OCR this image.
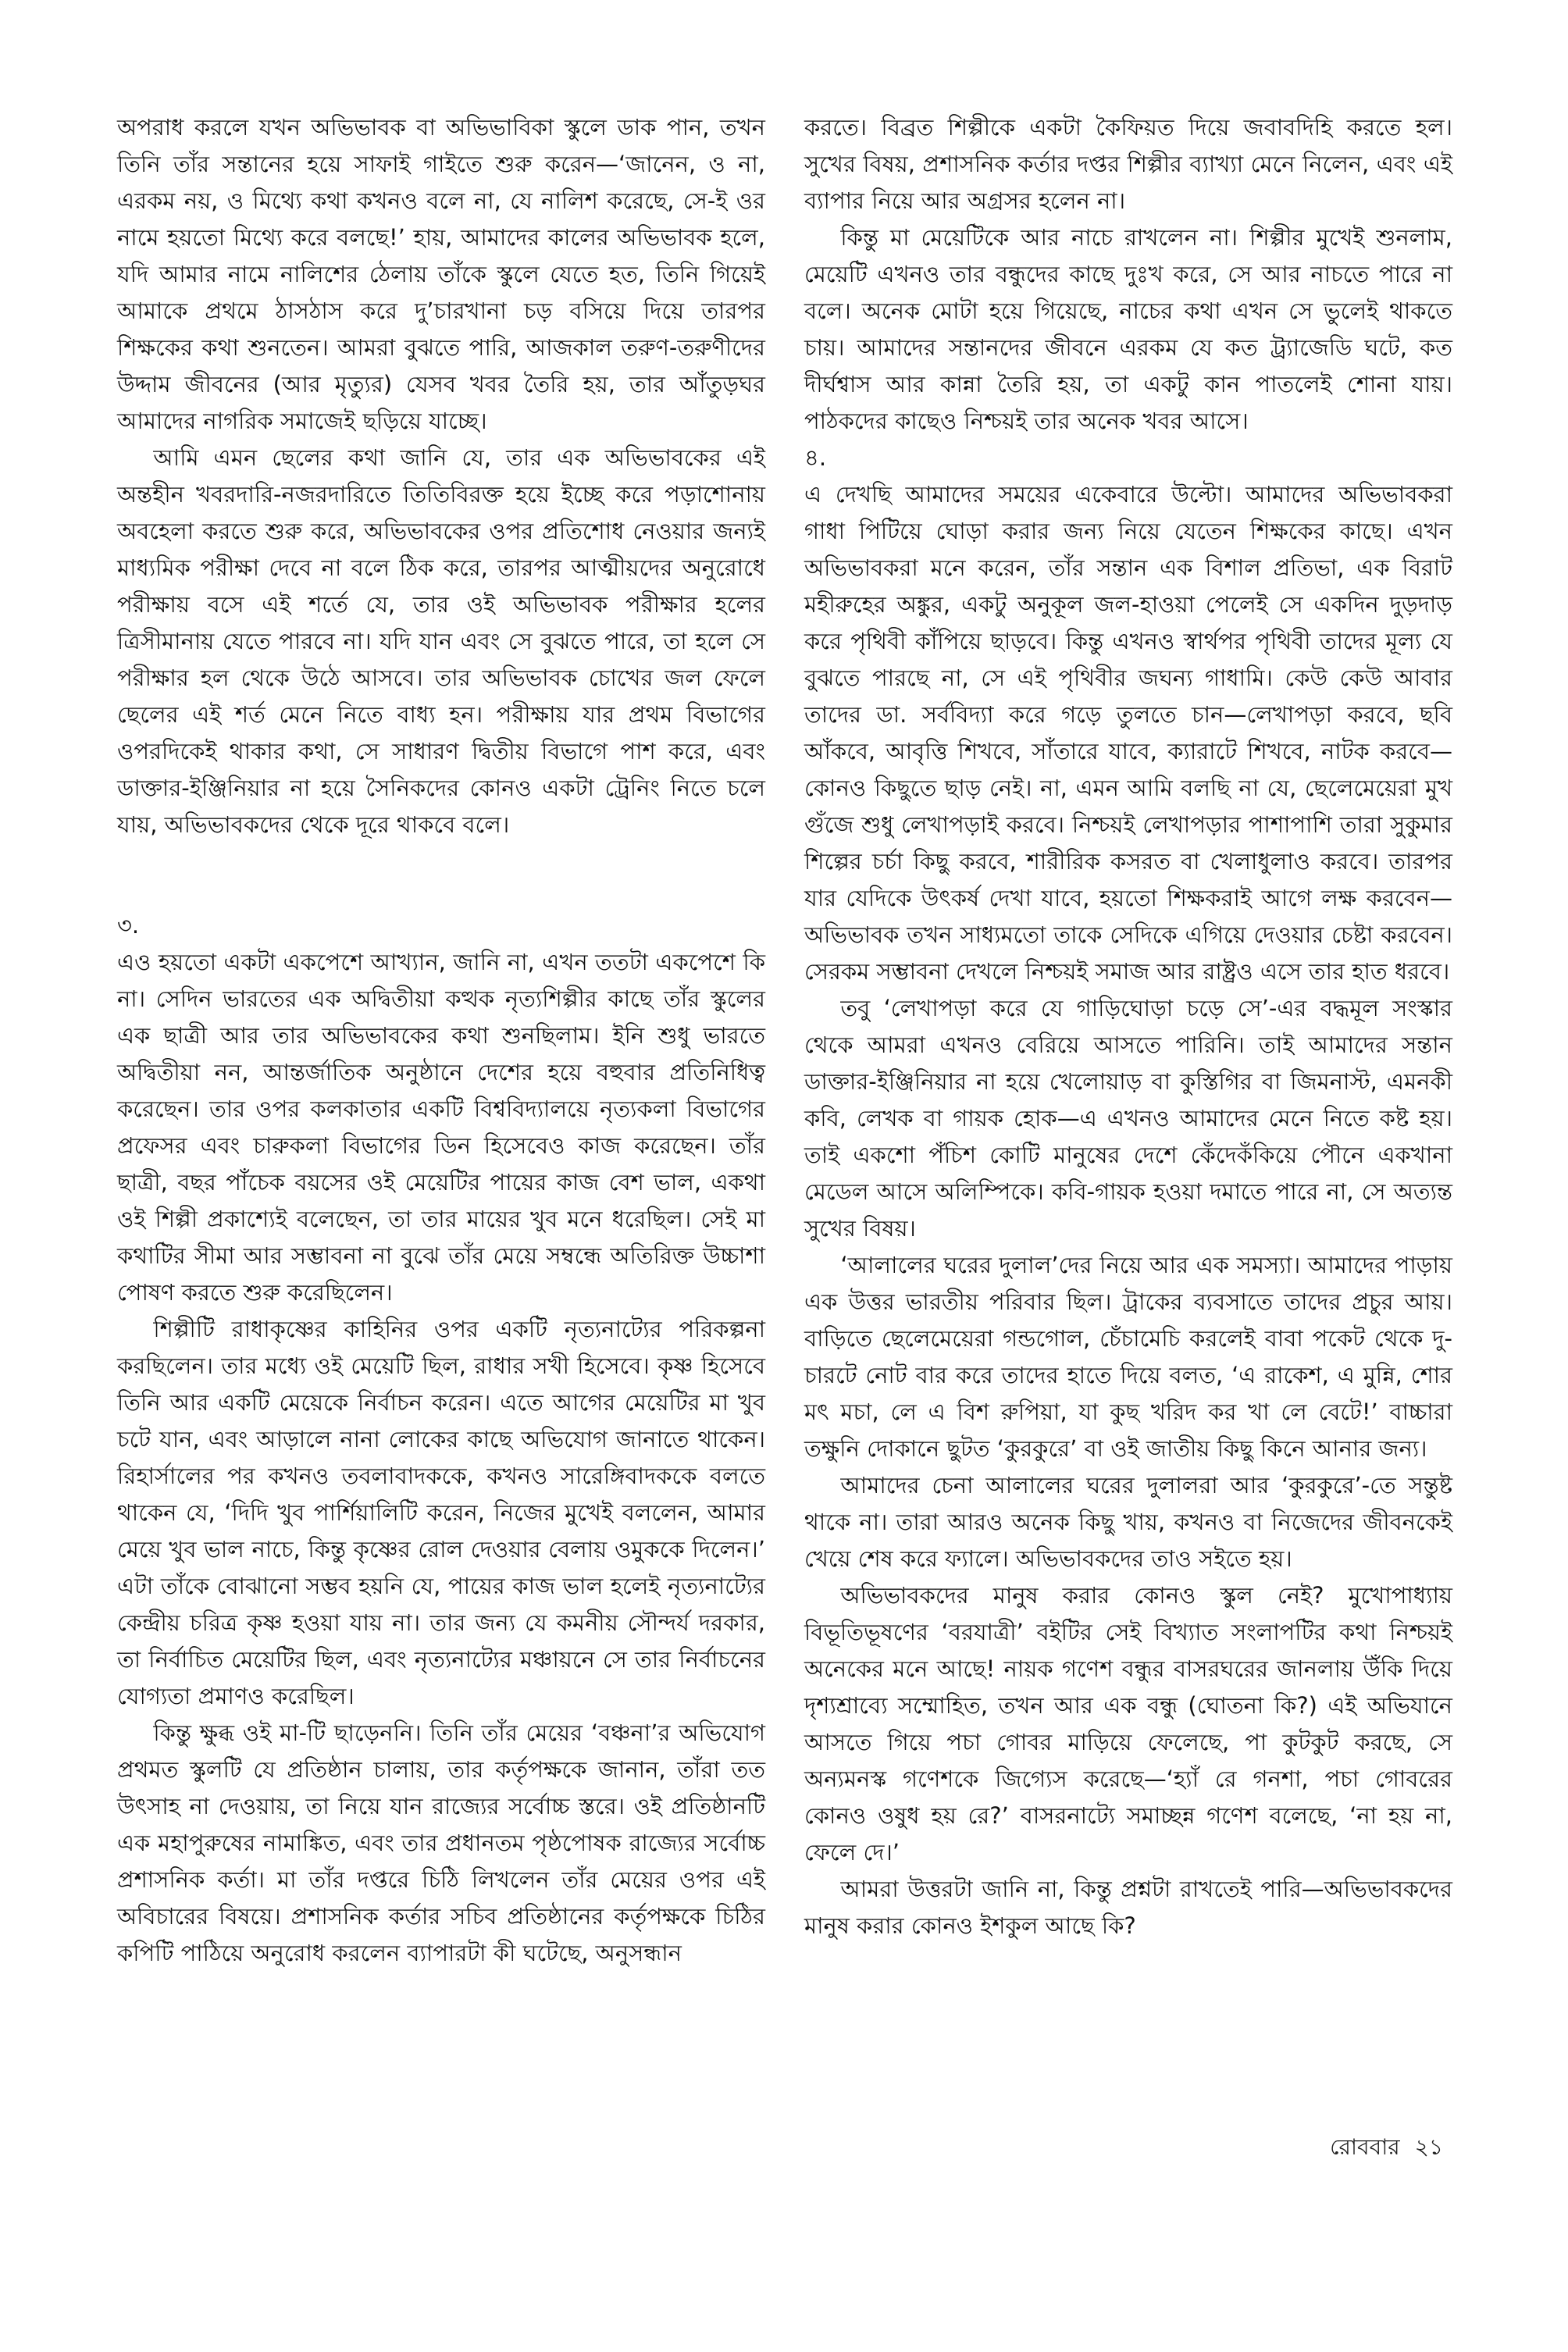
অপরাধ করলে যখন অভিভাবক বা অভিভাবিকা স্কুলে ডাক পান, তখন তিনি তাঁর সন্তানের হয়ে সাফাই গাইতে শুরু করেন—‘জানেন, ও না, এরকম নয়, ও মিথ্যে কথা কখনও বলে না, যে নালিশ করেছে, সে-ই ওর নামে হয়তো মিথ্যে করে বলছে!’ হায়, আমাদের কালের অভিভাবক হলে, যদি আমার নামে নালিশের ঠেলায় তাঁকে স্কুলে যেতে হত, তিনি গিয়েই আমাকে প্রথমে ঠাসঠাস করে দু’চারখানা চড় বসিয়ে দিয়ে তারপর শিক্ষকের কথা শুনতেন। আমরা বুঝতে পারি, আজকাল তরুণ-তরুণীদের উদ্দাম জীবনের (আর মৃত্যুর) যেসব খবর তৈরি হয়, তার আঁতুড়ঘর আমাদের নাগরিক সমাজেই ছড়িয়ে যাচ্ছে।

আমি এমন ছেলের কথা জানি যে, তার এক অভিভাবকের এই অন্তহীন খবরদারি-নজরদারিতে তিতিবিরক্ত হয়ে ইচ্ছে করে পড়াশোনায় অবহেলা করতে শুরু করে, অভিভাবকের ওপর প্রতিশোধ নেওয়ার জন্যই মাধ্যমিক পরীক্ষা দেবে না বলে ঠিক করে, তারপর আত্মীয়দের অনুরোধে পরীক্ষায় বসে এই শর্তে যে, তার ওই অভিভাবক পরীক্ষার হলের ত্রিসীমানায় যেতে পারবে না। যদি যান এবং সে বুঝতে পারে, তা হলে সে পরীক্ষার হল থেকে উঠে আসবে। তার অভিভাবক চোখের জল ফেলে ছেলের এই শর্ত মেনে নিতে বাধ্য হন। পরীক্ষায় যার প্রথম বিভাগের ওপরদিকেই থাকার কথা, সে সাধারণ দ্বিতীয় বিভাগে পাশ করে, এবং ডাক্তার-ইঞ্জিনিয়ার না হয়ে সৈনিকদের কোনও একটা ট্রেনিং নিতে চলে যায়, অভিভাবকদের থেকে দূরে থাকবে বলে।

৩.

এও হয়তো একটা একপেশে আখ্যান, জানি না, এখন ততটা একপেশে কি না। সেদিন ভারতের এক অদ্বিতীয়া কত্থক নৃত্যশিল্পীর কাছে তাঁর স্কুলের এক ছাত্রী আর তার অভিভাবকের কথা শুনছিলাম। ইনি শুধু ভারতে অদ্বিতীয়া নন, আন্তর্জাতিক অনুষ্ঠানে দেশের হয়ে বহুবার প্রতিনিধিত্ব করেছেন। তার ওপর কলকাতার একটি বিশ্ববিদ্যালয়ে নৃত্যকলা বিভাগের প্রফেসর এবং চারুকলা বিভাগের ডিন হিসেবেও কাজ করেছেন। তাঁর ছাত্রী, বছর পাঁচেক বয়সের ওই মেয়েটির পায়ের কাজ বেশ ভাল, একথা ওই শিল্পী প্রকাশ্যেই বলেছেন, তা তার মায়ের খুব মনে ধরেছিল। সেই মা কথাটির সীমা আর সম্ভাবনা না বুঝে তাঁর মেয়ে সম্বন্ধে অতিরিক্ত উচ্চাশা পোষণ করতে শুরু করেছিলেন।

শিল্পীটি রাধাকৃষ্ণের কাহিনির ওপর একটি নৃত্যনাট্যের পরিকল্পনা করছিলেন। তার মধ্যে ওই মেয়েটি ছিল, রাধার সখী হিসেবে। কৃষ্ণ হিসেবে তিনি আর একটি মেয়েকে নির্বাচন করেন। এতে আগের মেয়েটির মা খুব চটে যান, এবং আড়ালে নানা লোকের কাছে অভিযোগ জানাতে থাকেন। রিহার্সালের পর কখনও তবলাবাদককে, কখনও সারেঙ্গিবাদককে বলতে থাকেন যে, ‘দিদি খুব পার্শিয়ালিটি করেন, নিজের মুখেই বললেন, আমার মেয়ে খুব ভাল নাচে, কিন্তু কৃষ্ণের রোল দেওয়ার বেলায় ওমুককে দিলেন।’ এটা তাঁকে বোঝানো সম্ভব হয়নি যে, পায়ের কাজ ভাল হলেই নৃত্যনাট্যের কেন্দ্রীয় চরিত্র কৃষ্ণ হওয়া যায় না। তার জন্য যে কমনীয় সৌন্দর্য দরকার, তা নির্বাচিত মেয়েটির ছিল, এবং নৃত্যনাট্যের মঞ্চায়নে সে তার নির্বাচনের যোগ্যতা প্রমাণও করেছিল।

কিন্তু ক্ষুব্ধ ওই মা-টি ছাড়েননি। তিনি তাঁর মেয়ের ‘বঞ্চনা’র অভিযোগ প্রথমত স্কুলটি যে প্রতিষ্ঠান চালায়, তার কর্তৃপক্ষকে জানান, তাঁরা তত উৎসাহ না দেওয়ায়, তা নিয়ে যান রাজ্যের সর্বোচ্চ স্তরে। ওই প্রতিষ্ঠানটি এক মহাপুরুষের নামাঙ্কিত, এবং তার প্রধানতম পৃষ্ঠপোষক রাজ্যের সর্বোচ্চ প্রশাসনিক কর্তা। মা তাঁর দপ্তরে চিঠি লিখলেন তাঁর মেয়ের ওপর এই অবিচারের বিষয়ে। প্রশাসনিক কর্তার সচিব প্রতিষ্ঠানের কর্তৃপক্ষকে চিঠির কপিটি পাঠিয়ে অনুরোধ করলেন ব্যাপারটা কী ঘটেছে, অনুসন্ধান

করতে। বিব্রত শিল্পীকে একটা কৈফিয়ত দিয়ে জবাবদিহি করতে হল। সুখের বিষয়, প্রশাসনিক কর্তার দপ্তর শিল্পীর ব্যাখ্যা মেনে নিলেন, এবং এই ব্যাপার নিয়ে আর অগ্রসর হলেন না।

কিন্তু মা মেয়েটিকে আর নাচে রাখলেন না। শিল্পীর মুখেই শুনলাম, মেয়েটি এখনও তার বন্ধুদের কাছে দুঃখ করে, সে আর নাচতে পারে না বলে। অনেক মোটা হয়ে গিয়েছে, নাচের কথা এখন সে ভুলেই থাকতে চায়। আমাদের সন্তানদের জীবনে এরকম যে কত ট্র্যাজেডি ঘটে, কত দীর্ঘশ্বাস আর কান্না তৈরি হয়, তা একটু কান পাতলেই শোনা যায়। পাঠকদের কাছেও নিশ্চয়ই তার অনেক খবর আসে।

৪.

এ দেখছি আমাদের সময়ের একেবারে উল্টো। আমাদের অভিভাবকরা গাধা পিটিয়ে ঘোড়া করার জন্য নিয়ে যেতেন শিক্ষকের কাছে। এখন অভিভাবকরা মনে করেন, তাঁর সন্তান এক বিশাল প্রতিভা, এক বিরাট মহীরুহের অঙ্কুর, একটু অনুকূল জল-হাওয়া পেলেই সে একদিন দুড়দাড় করে পৃথিবী কাঁপিয়ে ছাড়বে। কিন্তু এখনও স্বার্থপর পৃথিবী তাদের মূল্য যে বুঝতে পারছে না, সে এই পৃথিবীর জঘন্য গাধামি। কেউ কেউ আবার তাদের ডা. সর্ববিদ্যা করে গড়ে তুলতে চান—লেখাপড়া করবে, ছবি আঁকবে, আবৃত্তি শিখবে, সাঁতারে যাবে, ক্যারাটে শিখবে, নাটক করবে—কোনও কিছুতে ছাড় নেই। না, এমন আমি বলছি না যে, ছেলেমেয়েরা মুখ গুঁজে শুধু লেখাপড়াই করবে। নিশ্চয়ই লেখাপড়ার পাশাপাশি তারা সুকুমার শিল্পের চর্চা কিছু করবে, শারীরিক কসরত বা খেলাধুলাও করবে। তারপর যার যেদিকে উৎকর্ষ দেখা যাবে, হয়তো শিক্ষকরাই আগে লক্ষ করবেন—অভিভাবক তখন সাধ্যমতো তাকে সেদিকে এগিয়ে দেওয়ার চেষ্টা করবেন। সেরকম সম্ভাবনা দেখলে নিশ্চয়ই সমাজ আর রাষ্ট্রও এসে তার হাত ধরবে।

তবু ‘লেখাপড়া করে যে গাড়িঘোড়া চড়ে সে’-এর বদ্ধমূল সংস্কার থেকে আমরা এখনও বেরিয়ে আসতে পারিনি। তাই আমাদের সন্তান ডাক্তার-ইঞ্জিনিয়ার না হয়ে খেলোয়াড় বা কুস্তিগির বা জিমনাস্ট, এমনকী কবি, লেখক বা গায়ক হোক—এ এখনও আমাদের মেনে নিতে কষ্ট হয়। তাই একশো পঁচিশ কোটি মানুষের দেশে কেঁদেকঁকিয়ে পৌনে একখানা মেডেল আসে অলিম্পিকে। কবি-গায়ক হওয়া দমাতে পারে না, সে অত্যন্ত সুখের বিষয়।

‘আলালের ঘরের দুলাল’দের নিয়ে আর এক সমস্যা। আমাদের পাড়ায় এক উত্তর ভারতীয় পরিবার ছিল। ট্রাকের ব্যবসাতে তাদের প্রচুর আয়। বাড়িতে ছেলেমেয়েরা গন্ডগোল, চেঁচামেচি করলেই বাবা পকেট থেকে দু-চারটে নোট বার করে তাদের হাতে দিয়ে বলত, ‘এ রাকেশ, এ মুন্নি, শোর মৎ মচা, লে এ বিশ রুপিয়া, যা কুছ খরিদ কর খা লে বেটে!’ বাচ্চারা তক্ষুনি দোকানে ছুটত ‘কুরকুরে’ বা ওই জাতীয় কিছু কিনে আনার জন্য।

আমাদের চেনা আলালের ঘরের দুলালরা আর ‘কুরকুরে’-তে সন্তুষ্ট থাকে না। তারা আরও অনেক কিছু খায়, কখনও বা নিজেদের জীবনকেই খেয়ে শেষ করে ফ্যালে। অভিভাবকদের তাও সইতে হয়।

অভিভাবকদের মানুষ করার কোনও স্কুল নেই? মুখোপাধ্যায় বিভূতিভূষণের ‘বরযাত্রী’ বইটির সেই বিখ্যাত সংলাপটির কথা নিশ্চয়ই অনেকের মনে আছে! নায়ক গণেশ বন্ধুর বাসরঘরের জানলায় উঁকি দিয়ে দৃশ্যশ্রাব্যে সম্মোহিত, তখন আর এক বন্ধু (ঘোতনা কি?) এই অভিযানে আসতে গিয়ে পচা গোবর মাড়িয়ে ফেলেছে, পা কুটকুট করছে, সে অন্যমনস্ক গণেশকে জিগ্যেস করেছে—‘হ্যাঁ রে গনশা, পচা গোবরের কোনও ওষুধ হয় রে?’ বাসরনাট্যে সমাচ্ছন্ন গণেশ বলেছে, ‘না হয় না, ফেলে দে।’

আমরা উত্তরটা জানি না, কিন্তু প্রশ্নটা রাখতেই পারি—অভিভাবকদের মানুষ করার কোনও ইশকুল আছে কি?

রোববার ২১
